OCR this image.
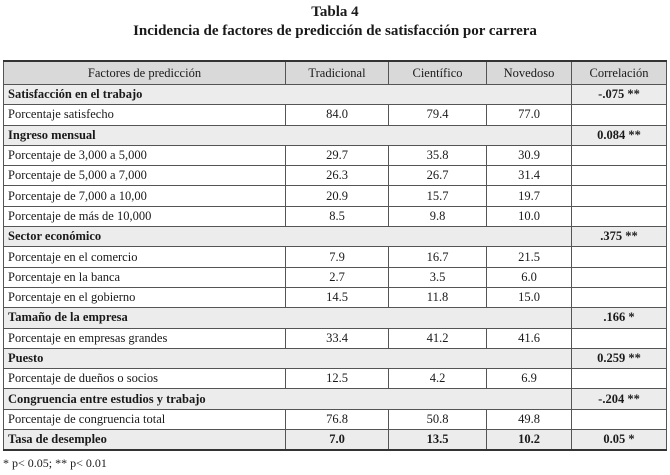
Tabla 4
Incidencia de factores de predicción de satisfacción por carrera
Factores de predicción	Tradicional	Científico	Novedoso	Correlación
Satisfacción en el trabajo				-.075 **
Porcentaje satisfecho	84.0	79.4	77.0	
Ingreso mensual				0.084 **
Porcentaje de 3,000 a 5,000	29.7	35.8	30.9	
Porcentaje de 5,000 a 7,000	26.3	26.7	31.4	
Porcentaje de 7,000 a 10,00	20.9	15.7	19.7	
Porcentaje de más de 10,000	8.5	9.8	10.0	
Sector económico				.375 **
Porcentaje en el comercio	7.9	16.7	21.5	
Porcentaje en la banca	2.7	3.5	6.0	
Porcentaje en el gobierno	14.5	11.8	15.0	
Tamaño de la empresa				.166 *
Porcentaje en empresas grandes	33.4	41.2	41.6	
Puesto				0.259 **
Porcentaje de dueños o socios	12.5	4.2	6.9	
Congruencia entre estudios y trabajo				-.204 **
Porcentaje de congruencia total	76.8	50.8	49.8	
Tasa de desempleo	7.0	13.5	10.2	0.05 *
* p< 0.05; ** p< 0.01
